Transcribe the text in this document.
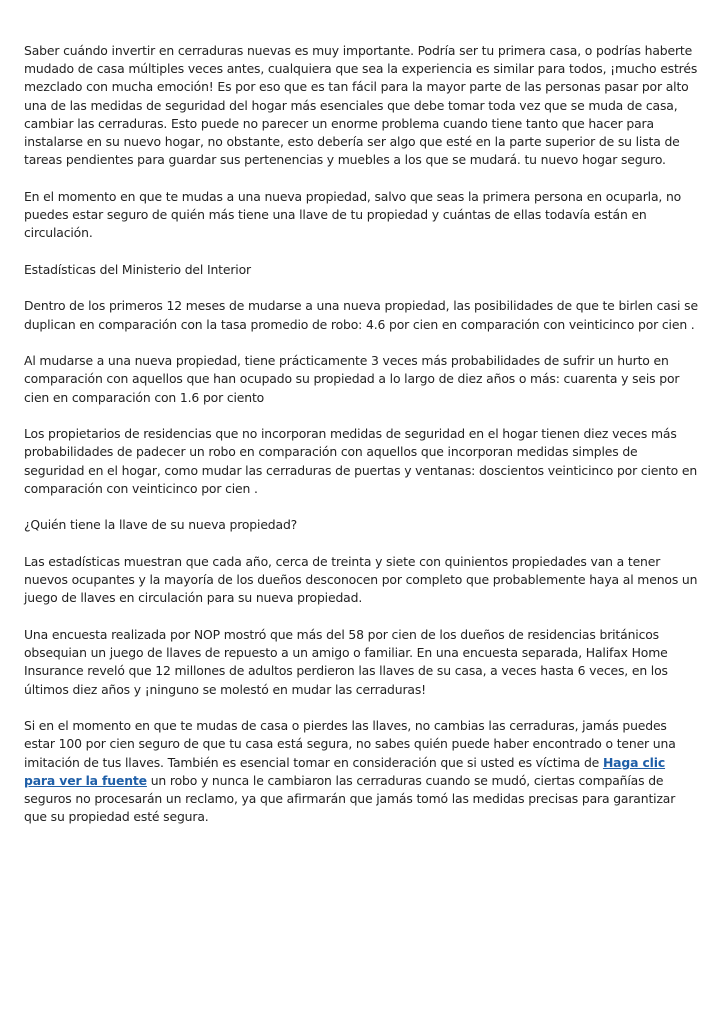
Saber cuándo invertir en cerraduras nuevas es muy importante. Podría ser tu primera casa, o podrías haberte mudado de casa múltiples veces antes, cualquiera que sea la experiencia es similar para todos, ¡mucho estrés mezclado con mucha emoción! Es por eso que es tan fácil para la mayor parte de las personas pasar por alto una de las medidas de seguridad del hogar más esenciales que debe tomar toda vez que se muda de casa, cambiar las cerraduras. Esto puede no parecer un enorme problema cuando tiene tanto que hacer para instalarse en su nuevo hogar, no obstante, esto debería ser algo que esté en la parte superior de su lista de tareas pendientes para guardar sus pertenencias y muebles a los que se mudará. tu nuevo hogar seguro.

En el momento en que te mudas a una nueva propiedad, salvo que seas la primera persona en ocuparla, no puedes estar seguro de quién más tiene una llave de tu propiedad y cuántas de ellas todavía están en circulación.

Estadísticas del Ministerio del Interior

Dentro de los primeros 12 meses de mudarse a una nueva propiedad, las posibilidades de que te birlen casi se duplican en comparación con la tasa promedio de robo: 4.6 por cien en comparación con veinticinco por cien .

Al mudarse a una nueva propiedad, tiene prácticamente 3 veces más probabilidades de sufrir un hurto en comparación con aquellos que han ocupado su propiedad a lo largo de diez años o más: cuarenta y seis por cien en comparación con 1.6 por ciento

Los propietarios de residencias que no incorporan medidas de seguridad en el hogar tienen diez veces más probabilidades de padecer un robo en comparación con aquellos que incorporan medidas simples de seguridad en el hogar, como mudar las cerraduras de puertas y ventanas: doscientos veinticinco por ciento en comparación con veinticinco por cien .

¿Quién tiene la llave de su nueva propiedad?

Las estadísticas muestran que cada año, cerca de treinta y siete con quinientos propiedades van a tener nuevos ocupantes y la mayoría de los dueños desconocen por completo que probablemente haya al menos un juego de llaves en circulación para su nueva propiedad.

Una encuesta realizada por NOP mostró que más del 58 por cien de los dueños de residencias británicos obsequian un juego de llaves de repuesto a un amigo o familiar. En una encuesta separada, Halifax Home Insurance reveló que 12 millones de adultos perdieron las llaves de su casa, a veces hasta 6 veces, en los últimos diez años y ¡ninguno se molestó en mudar las cerraduras!

Si en el momento en que te mudas de casa o pierdes las llaves, no cambias las cerraduras, jamás puedes estar 100 por cien seguro de que tu casa está segura, no sabes quién puede haber encontrado o tener una imitación de tus llaves. También es esencial tomar en consideración que si usted es víctima de Haga clic para ver la fuente un robo y nunca le cambiaron las cerraduras cuando se mudó, ciertas compañías de seguros no procesarán un reclamo, ya que afirmarán que jamás tomó las medidas precisas para garantizar que su propiedad esté segura.
